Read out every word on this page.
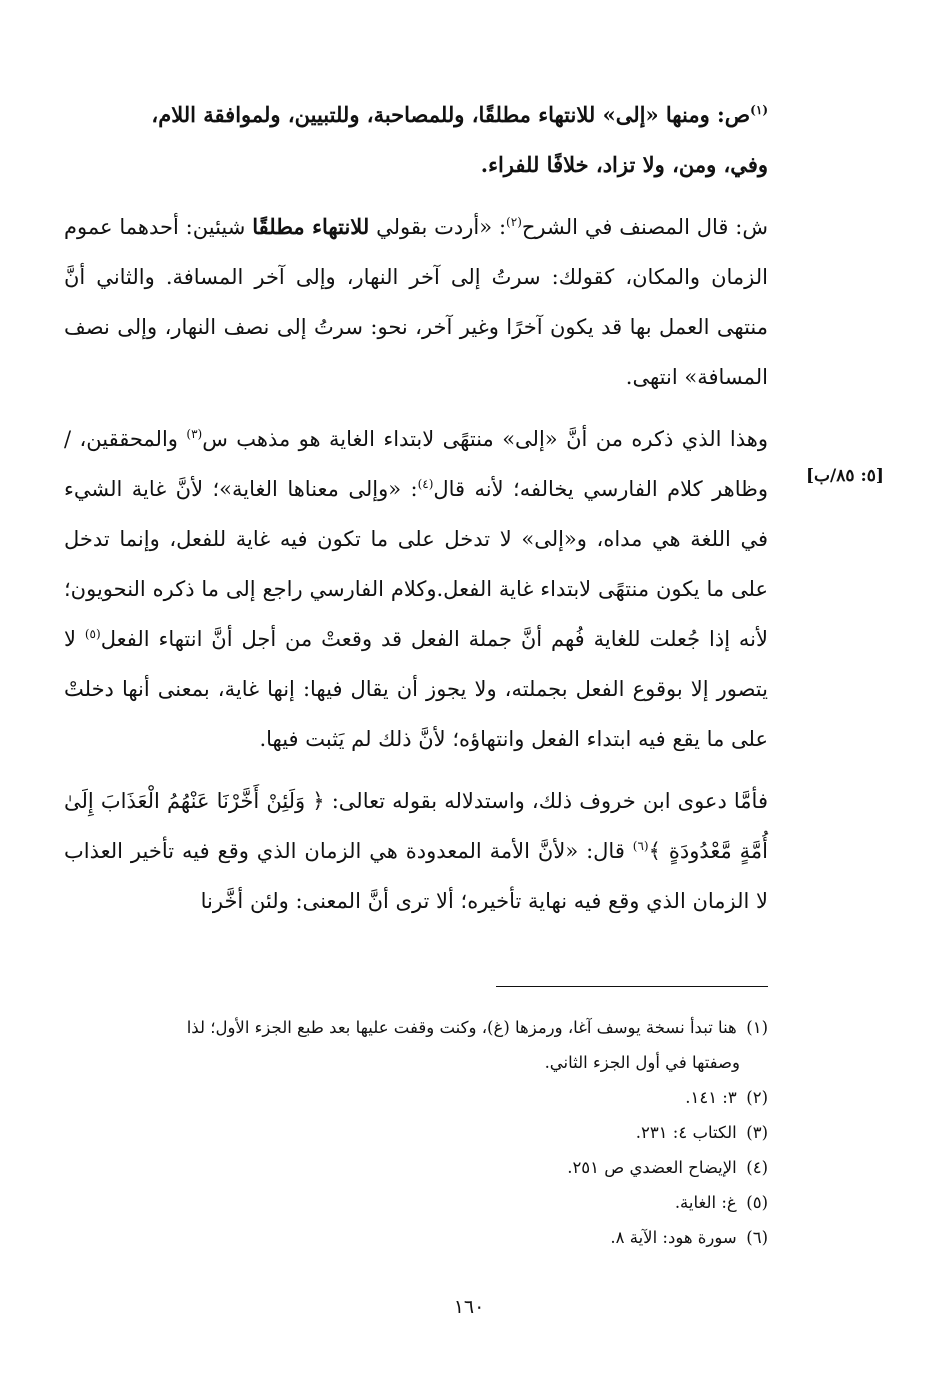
[٥: ٨٥/ب]

$^{(١)}$ص: ومنها «إلى» للانتهاء مطلقًا، وللمصاحبة، وللتبيين، ولموافقة اللام،
وفي، ومن، ولا تزاد، خلافًا للفراء.

ش: قال المصنف في الشرح$^{(٢)}$: «أردت بقولي للانتهاء مطلقًا شيئين: أحدهما عموم الزمان والمكان، كقولك: سرتُ إلى آخر النهار، وإلى آخر المسافة. والثاني أنَّ منتهى العمل بها قد يكون آخرًا وغير آخر، نحو: سرتُ إلى نصف النهار، وإلى نصف المسافة» انتهى.

وهذا الذي ذكره من أنَّ «إلى» منتهًى لابتداء الغاية هو مذهب س$^{(٣)}$ والمحققين، /وظاهر كلام الفارسي يخالفه؛ لأنه قال$^{(٤)}$: «وإلى معناها الغاية»؛ لأنَّ غاية الشيء في اللغة هي مداه، و«إلى» لا تدخل على ما تكون فيه غاية للفعل، وإنما تدخل على ما يكون منتهًى لابتداء غاية الفعل.وكلام الفارسي راجع إلى ما ذكره النحويون؛ لأنه إذا جُعلت للغاية فُهم أنَّ جملة الفعل قد وقعتْ من أجل أنَّ انتهاء الفعل$^{(٥)}$ لا يتصور إلا بوقوع الفعل بجملته، ولا يجوز أن يقال فيها: إنها غاية، بمعنى أنها دخلتْ على ما يقع فيه ابتداء الفعل وانتهاؤه؛ لأنَّ ذلك لم يَثبت فيها.

فأمَّا دعوى ابن خروف ذلك، واستدلاله بقوله تعالى: ﴿ وَلَئِنْ أَخَّرْنَا عَنْهُمُ الْعَذَابَ إِلَىٰ أُمَّةٍ مَّعْدُودَةٍ ﴾$^{(٦)}$ قال: «لأنَّ الأمة المعدودة هي الزمان الذي وقع فيه تأخير العذاب لا الزمان الذي وقع فيه نهاية تأخيره؛ ألا ترى أنَّ المعنى: ولئن أخَّرنا

(١) هنا تبدأ نسخة يوسف آغا، ورمزها (غ)، وكنت وقفت عليها بعد طبع الجزء الأول؛ لذا

وصفتها في أول الجزء الثاني.

(٢) ٣: ١٤١.

(٣) الكتاب ٤: ٢٣١.

(٤) الإيضاح العضدي ص ٢٥١.

(٥) غ: الغاية.

(٦) سورة هود: الآية ٨.

١٦٠
